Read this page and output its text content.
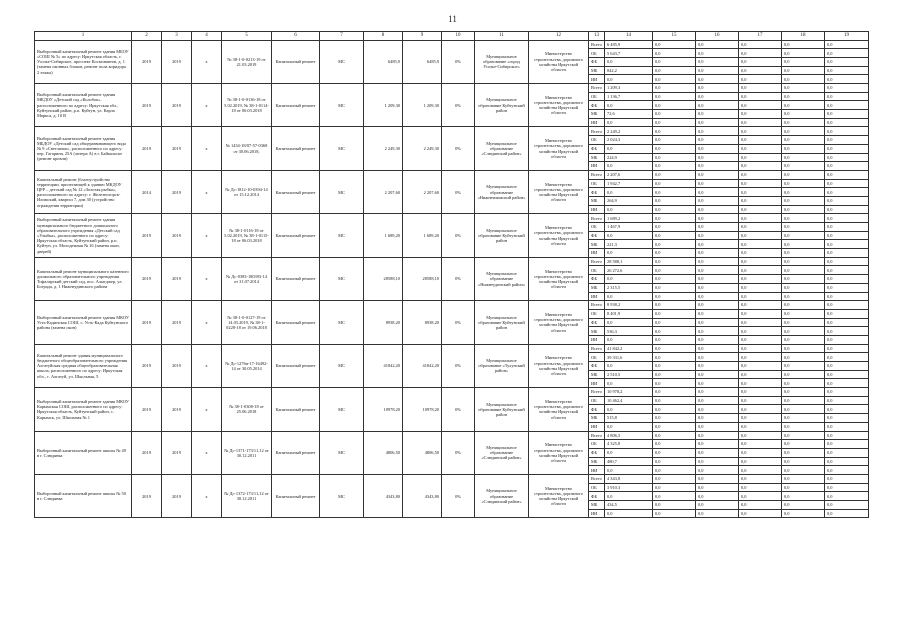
11
1	2	3	4	5	6	7	8	9	10	11	12	13	14	15	16	17	18	19
Выборочный капитальный ремонт здания МБОУ «СОШ № 5» по адресу: Иркутская область, г. Усолье-Сибирское, проспект Космонавтов, д. 1 (замена оконных блоков, ремонт пола коридора 2 этажа)	2019	2019	х	№ 38-1-0-0213-19 от 21.03.2019	Капитальный ремонт	МС	6485,9	6485,9	0%	Муниципальное образование «город Усолье-Сибирское»	Министерство строительства, дорожного хозяйства Иркутской области	Всего	6 485,9	0,0	0,0	0,0	0,0	0,0
												ОБ	5 643,7	0,0	0,0	0,0	0,0	0,0
												ФБ	0,0	0,0	0,0	0,0	0,0	0,0
												МБ	842,2	0,0	0,0	0,0	0,0	0,0
												ИИ	0,0	0,0	0,0	0,0	0,0	0,0
Выборочный капитальный ремонт здания МКДОУ «Детский сад «Колобок», расположенного по адресу: Иркутская обл., Куйтунский район, р.п. Куйтун, ул. Карла Маркса, д. 10 В	2019	2019	х	№ 38-1-0-0136-18 от 5.02.2019, № 38-1-0114-18 от 06.03.2018	Капитальный ремонт	МС	1 209,30	1 209,30	0%	Муниципальное образование Куйтунский район	Министерство строительства, дорожного хозяйства Иркутской области	Всего	1 209,3	0,0	0,0	0,0	0,0	0,0
												ОБ	1 136,7	0,0	0,0	0,0	0,0	0,0
												ФБ	0,0	0,0	0,0	0,0	0,0	0,0
												МБ	72,6	0,0	0,0	0,0	0,0	0,0
												ИИ	0,0	0,0	0,0	0,0	0,0	0,0
Выборочный капитальный ремонт здания МБДОУ «Детский сад общеразвивающего вида № 9 «Светлячок», расположенного по адресу: пер. Гагарина, 25А (литера А) в г. Байкальске (ремонт кровли)	2019	2019	х	№ 1434-18/07-57-0368 от 30.06.2018,	Капитальный ремонт	МС	2 249,30	2 249,30	0%	Муниципальное образование «Слюдянский район»	Министерство строительства, дорожного хозяйства Иркутской области	Всего	2 249,2	0,0	0,0	0,0	0,0	0,0
												ОБ	2 024,3	0,0	0,0	0,0	0,0	0,0
												ФБ	0,0	0,0	0,0	0,0	0,0	0,0
												МБ	224,9	0,0	0,0	0,0	0,0	0,0
												ИИ	0,0	0,0	0,0	0,0	0,0	0,0
Капитальный ремонт (благоустройство территории, прилегающей к зданию МКДОУ ЦРР – детский сад № 12 «Золотая рыбка», расположенного по адресу: г. Железногорск-Илимский, квартал 7, дом 30 (устройство ограждения территории)	2014	2019	х	№ Дс-1812-10-0394-14 от 15.12.2014	Капитальный ремонт	МС	2 207,60	2 207,60	0%	Муниципальное образование «Нижнеилимский район»	Министерство строительства, дорожного хозяйства Иркутской области	Всего	2 207,6	0,0	0,0	0,0	0,0	0,0
												ОБ	1 942,7	0,0	0,0	0,0	0,0	0,0
												ФБ	0,0	0,0	0,0	0,0	0,0	0,0
												МБ	264,9	0,0	0,0	0,0	0,0	0,0
												ИИ	0,0	0,0	0,0	0,0	0,0	0,0
Выборочный капитальный ремонт здания муниципального бюджетного дошкольного образовательного учреждения «Детский сад «Улыбка», расположенного по адресу: Иркутская область, Куйтунский район, р.п. Куйтун, ул. Молодежная № 16 (замена окон, дверей)	2019	2019	х	№ 38-1-0116-18 от 5.02.2019, № 38-1-0115-18 от 06.03.2018	Капитальный ремонт	МС	1 689,20	1 689,20	0%	Муниципальное образование Куйтунский район	Министерство строительства, дорожного хозяйства Иркутской области	Всего	1 689,2	0,0	0,0	0,0	0,0	0,0
												ОБ	1 467,9	0,0	0,0	0,0	0,0	0,0
												ФБ	0,0	0,0	0,0	0,0	0,0	0,0
												МБ	221,3	0,0	0,0	0,0	0,0	0,0
												ИИ	0,0	0,0	0,0	0,0	0,0	0,0
Капитальный ремонт муниципального казенного дошкольного образовательного учреждения Тофаларский детский сад, пос. Алыгджер, ул. Бограда, д. 1 Нижнеудинского района	2019	2019	х	№ Дс-0383-180393-14 от 31.07.2014	Капитальный ремонт	МС	28588,10	28588,10	0%	Муниципальное образование «Нижнеудинский район»	Министерство строительства, дорожного хозяйства Иркутской области	Всего	28 588,1	0,0	0,0	0,0	0,0	0,0
												ОБ	26 272,6	0,0	0,0	0,0	0,0	0,0
												ФБ	0,0	0,0	0,0	0,0	0,0	0,0
												МБ	2 315,5	0,0	0,0	0,0	0,0	0,0
												ИИ	0,0	0,0	0,0	0,0	0,0	0,0
Выборочный капитальный ремонт здания МКОУ Усть-Кадинская СОШ, с. Усть-Када Куйтунского района (замена окон)	2019	2019	х	№ 38-1-0-0127-19 от 14.03.2019, № 38-1-0228-18 от 19.06.2018	Капитальный ремонт	МС	8938,20	8938,20	0%	Муниципальное образование Куйтунский район	Министерство строительства, дорожного хозяйства Иркутской области	Всего	8 938,2	0,0	0,0	0,0	0,0	0,0
												ОБ	8 401,9	0,0	0,0	0,0	0,0	0,0
												ФБ	0,0	0,0	0,0	0,0	0,0	0,0
												МБ	536,3	0,0	0,0	0,0	0,0	0,0
												ИИ	0,0	0,0	0,0	0,0	0,0	0,0
Капитальный ремонт здания муниципального бюджетного общеобразовательного учреждения Алгатуйская средняя общеобразовательная школа, расположенного по адресу: Иркутская обл., с. Алгатуй, ул. Школьная, 5	2019	2019	х	№ Дс-1276н-17-16492-14 от 30.05.2014	Капитальный ремонт	МС	41842,20	41842,20	0%	Муниципальное образование «Тулунский район»	Министерство строительства, дорожного хозяйства Иркутской области	Всего	41 842,2	0,0	0,0	0,0	0,0	0,0
												ОБ	39 331,6	0,0	0,0	0,0	0,0	0,0
												ФБ	0,0	0,0	0,0	0,0	0,0	0,0
												МБ	2 510,5	0,0	0,0	0,0	0,0	0,0
												ИИ	0,0	0,0	0,0	0,0	0,0	0,0
Выборочный капитальный ремонт здания МКОУ Карымская СОШ, расположенного по адресу: Иркутская область, Куйтунский район, с. Карымск, ул. Школьная № 1	2019	2019	х	№ 38-1-0308-18 от 25.06.2018	Капитальный ремонт	МС	10978,20	10978,20	0%	Муниципальное образование Куйтунский район	Министерство строительства, дорожного хозяйства Иркутской области	Всего	10 978,2	0,0	0,0	0,0	0,0	0,0
												ОБ	10 462,4	0,0	0,0	0,0	0,0	0,0
												ФБ	0,0	0,0	0,0	0,0	0,0	0,0
												МБ	515,8	0,0	0,0	0,0	0,0	0,0
												ИИ	0,0	0,0	0,0	0,0	0,0	0,0
Выборочный капитальный ремонт школы № 49 в г. Слюдянка	2019	2019	х	№ Дс-1371-173/11,12 от 30.12.2011	Капитальный ремонт	МС	4806,50	4806,50	0%	Муниципальное образование «Слюдянский район»	Министерство строительства, дорожного хозяйства Иркутской области	Всего	4 806,5	0,0	0,0	0,0	0,0	0,0
												ОБ	4 325,8	0,0	0,0	0,0	0,0	0,0
												ФБ	0,0	0,0	0,0	0,0	0,0	0,0
												МБ	480,7	0,0	0,0	0,0	0,0	0,0
												ИИ	0,0	0,0	0,0	0,0	0,0	0,0
Выборочный капитальный ремонт школы № 50 в г. Слюдянка	2019	2019	х	№ Дс-1372-173/11,12 от 30.12.2011	Капитальный ремонт	МС	4343,80	4343,80	0%	Муниципальное образование «Слюдянский район»	Министерство строительства, дорожного хозяйства Иркутской области	Всего	4 343,8	0,0	0,0	0,0	0,0	0,0
												ОБ	3 910,3	0,0	0,0	0,0	0,0	0,0
												ФБ	0,0	0,0	0,0	0,0	0,0	0,0
												МБ	434,5	0,0	0,0	0,0	0,0	0,0
												ИИ	0,0	0,0	0,0	0,0	0,0	0,0
